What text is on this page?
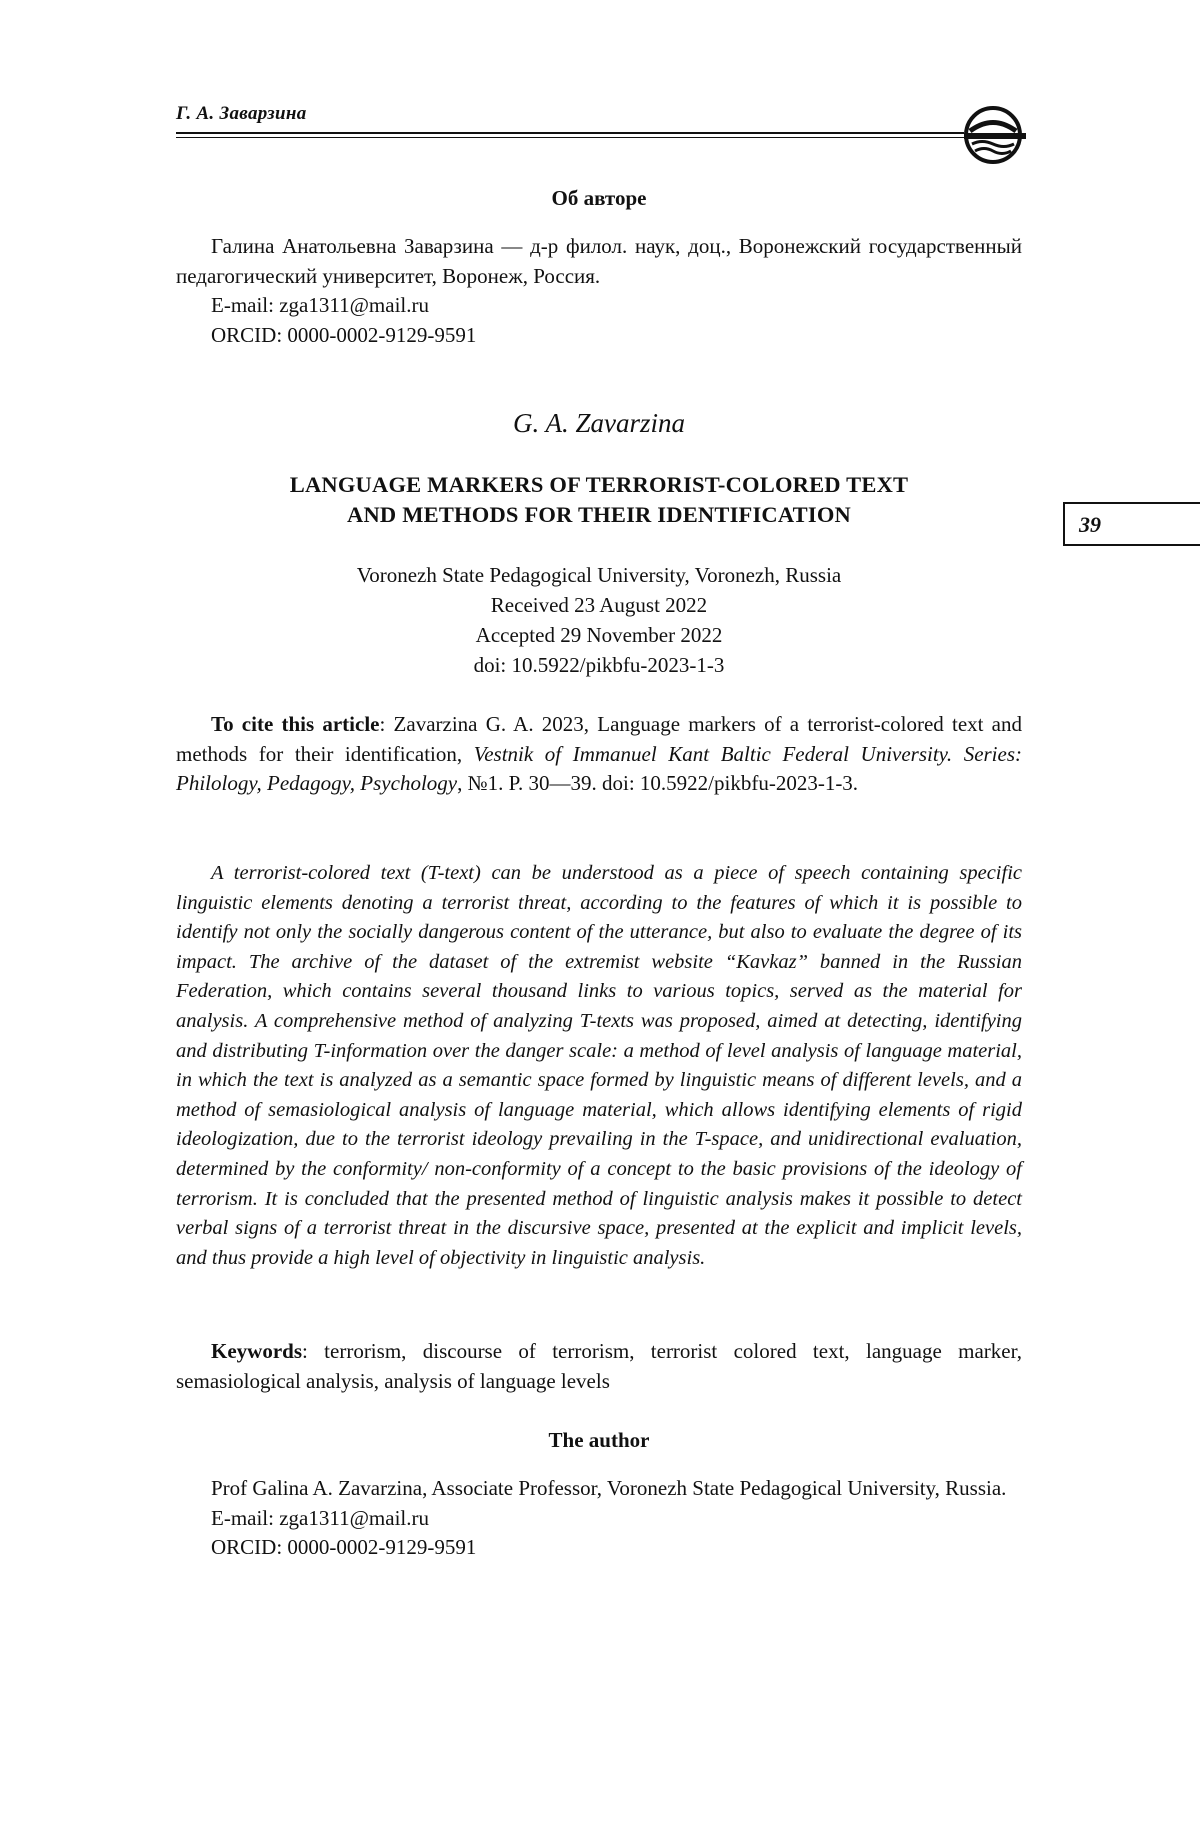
Г. А. Заварзина
39
Об авторе

Галина Анатольевна Заварзина — д-р филол. наук, доц., Воронежский государственный педагогический университет, Воронеж, Россия.

E-mail: zga1311@mail.ru

ORCID: 0000-0002-9129-9591

G. A. Zavarzina
LANGUAGE MARKERS OF TERRORIST-COLORED TEXT
AND METHODS FOR THEIR IDENTIFICATION
Voronezh State Pedagogical University, Voronezh, Russia
Received 23 August 2022
Accepted 29 November 2022
doi: 10.5922/pikbfu-2023-1-3

To cite this article: Zavarzina G. A. 2023, Language markers of a terrorist-colored text and methods for their identification, Vestnik of Immanuel Kant Baltic Federal University. Series: Philology, Pedagogy, Psychology, №1. P. 30—39. doi: 10.5922/pikbfu-2023-1-3.

A terrorist-colored text (T-text) can be understood as a piece of speech containing specific linguistic elements denoting a terrorist threat, according to the features of which it is possible to identify not only the socially dangerous content of the utterance, but also to evaluate the degree of its impact. The archive of the dataset of the extremist website “Kavkaz” banned in the Russian Federation, which contains several thousand links to various topics, served as the material for analysis. A comprehensive method of analyzing T-texts was proposed, aimed at detecting, identifying and distributing T-information over the danger scale: a method of level analysis of language material, in which the text is analyzed as a semantic space formed by linguistic means of different levels, and a method of semasiological analysis of language material, which allows identifying elements of rigid ideologization, due to the terrorist ideology prevailing in the T-space, and unidirectional evaluation, determined by the conformity/ non-conformity of a concept to the basic provisions of the ideology of terrorism. It is concluded that the presented method of linguistic analysis makes it possible to detect verbal signs of a terrorist threat in the discursive space, presented at the explicit and implicit levels, and thus provide a high level of objectivity in linguistic analysis.

Keywords: terrorism, discourse of terrorism, terrorist colored text, language marker, semasiological analysis, analysis of language levels

The author

Prof Galina A. Zavarzina, Associate Professor, Voronezh State Pedagogical University, Russia.

E-mail: zga1311@mail.ru

ORCID: 0000-0002-9129-9591
